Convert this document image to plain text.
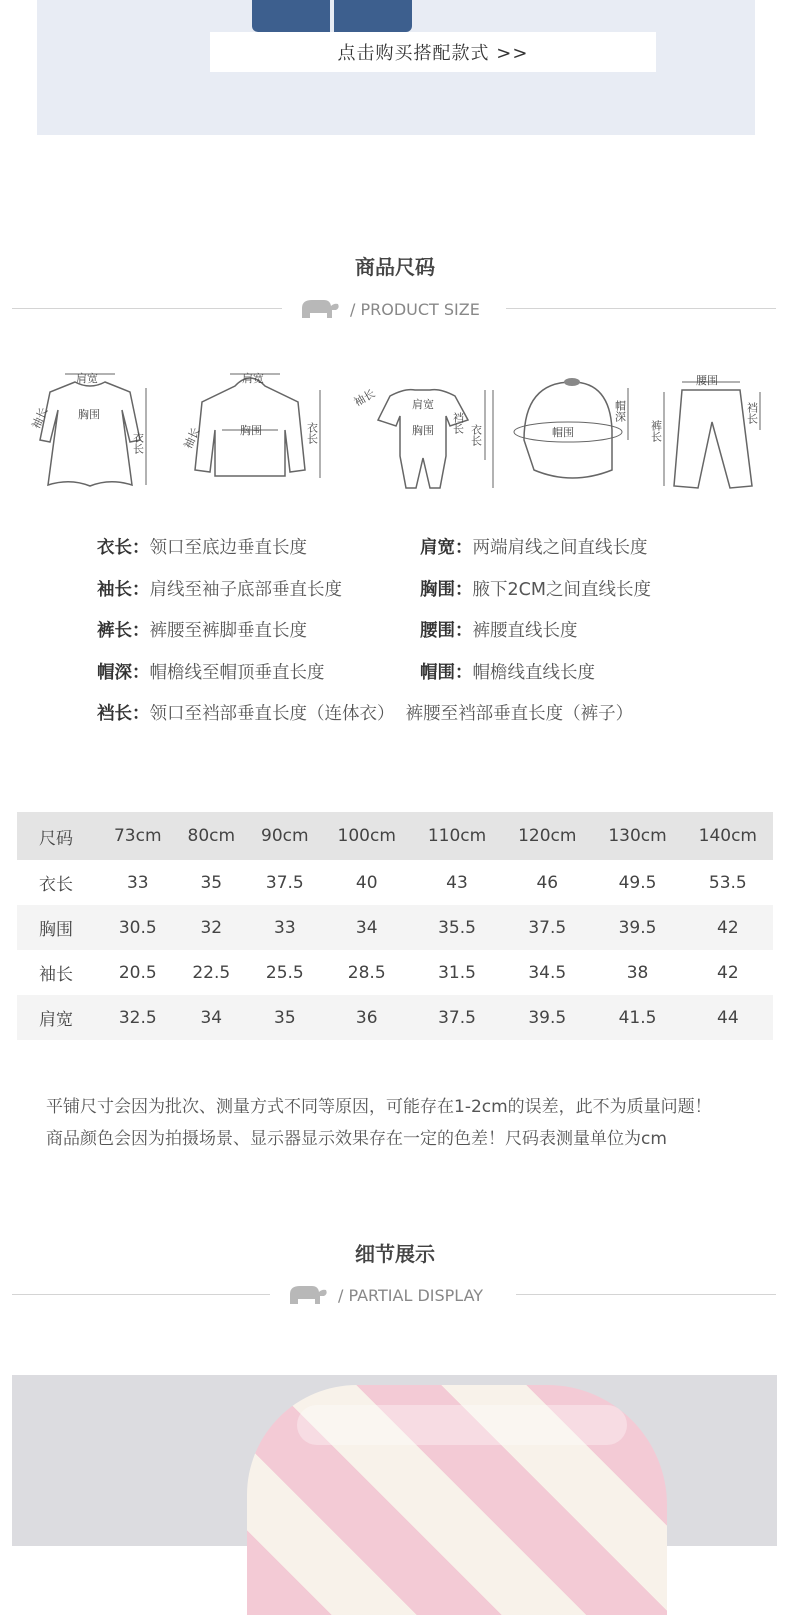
点击购买搭配款式 >>
商品尺码
/ PRODUCT SIZE
肩宽
袖长 胸围
衣长
肩宽
袖长	胸围	衣长
袖长	肩宽
胸围 裆长
衣长	帽围
帽深
腰围
裤长
裆长
衣长：领口至底边垂直长度	肩宽：两端肩线之间直线长度
袖长：肩线至袖子底部垂直长度	胸围：腋下2CM之间直线长度
裤长：裤腰至裤脚垂直长度	腰围：裤腰直线长度
帽深：帽檐线至帽顶垂直长度	帽围：帽檐线直线长度
裆长：领口至裆部垂直长度（连体衣）  裤腰至裆部垂直长度（裤子）
尺码	73cm	80cm	90cm	100cm	110cm	120cm	130cm	140cm
衣长	33	35	37.5	40	43	46	49.5	53.5
胸围	30.5	32	33	34	35.5	37.5	39.5	42
袖长	20.5	22.5	25.5	28.5	31.5	34.5	38	42
肩宽	32.5	34	35	36	37.5	39.5	41.5	44
平铺尺寸会因为批次、测量方式不同等原因，可能存在1-2cm的误差，此不为质量问题！
商品颜色会因为拍摄场景、显示器显示效果存在一定的色差！尺码表测量单位为cm
细节展示
/ PARTIAL DISPLAY
